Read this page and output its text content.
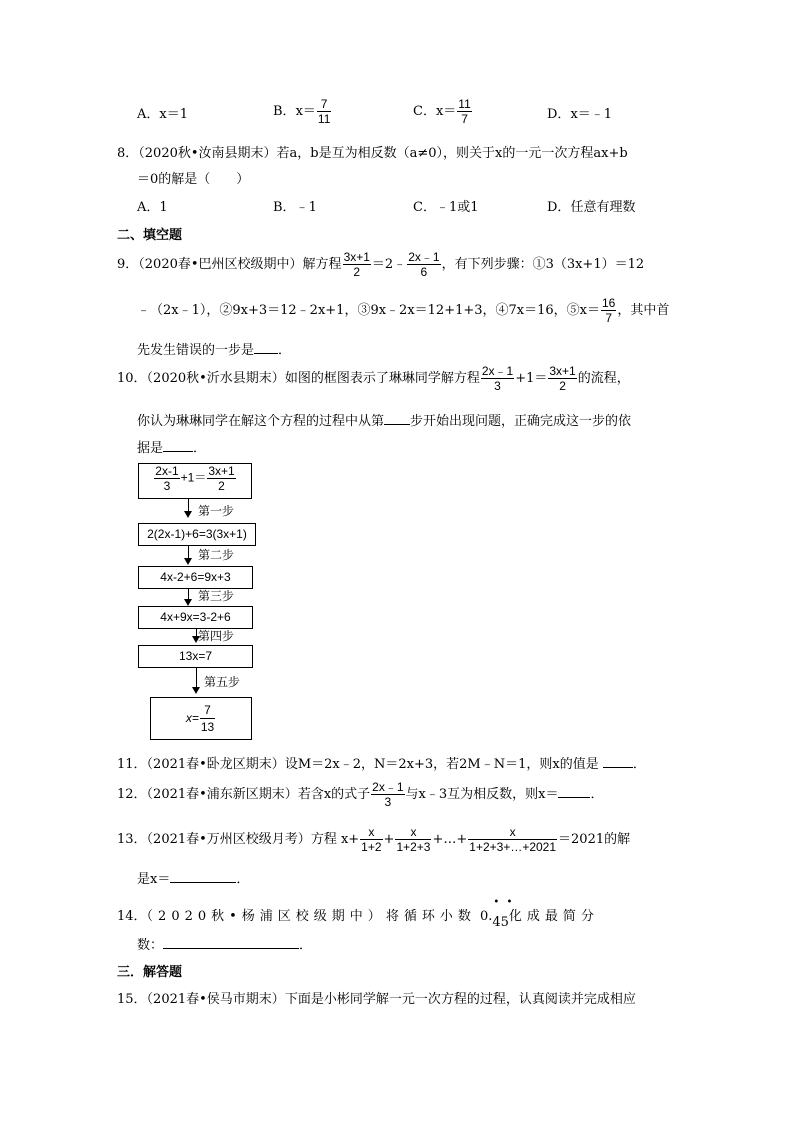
A．x＝1	B．$x= \frac{7}{11}$	C．$x= \frac{11}{7}$	D．x＝﹣1
8．（2020秋•汝南县期末）若a，b是互为相反数（a≠0），则关于x的一元一次方程ax+b
＝0的解是（　　）
A．1	B．﹣1	C．﹣1或1	D．任意有理数
二、填空题
9．（2020春•巴州区校级期中）解方程 $\frac{3x+1}{2}$ ＝2﹣ $\frac{2x﹣1}{6}$ ，有下列步骤：①3（3x+1）＝12
﹣（2x﹣1），②9x+3＝12﹣2x+1，③9x﹣2x＝12+1+3，④7x＝16，⑤x＝ $\frac{16}{7}$ ，其中首
先发生错误的一步是 ．
10．（2020秋•沂水县期末）如图的框图表示了琳琳同学解方程 $\frac{2x﹣1}{3} +1= \frac{3x+1}{2}$ 的流程，
你认为琳琳同学在解这个方程的过程中从第 步开始出现问题，正确完成这一步的依
据是 ．
$\frac{2x-1}{3} +1= \frac{3x+1}{2}$
第一步
2(2x-1)+6=3(3x+1)
第二步
4x-2+6=9x+3
第三步
4x+9x=3-2+6
第四步
13x=7
第五步
$x= \frac{7}{13}$
11．（2021春•卧龙区期末）设M＝2x﹣2，N＝2x+3，若2M﹣N＝1，则x的值是	．
12．（2021春•浦东新区期末）若含x的式子 $\frac{2x﹣1}{3}$ 与x﹣3互为相反数，则x＝ ．
13．（2021春•万州区校级月考）方程 $x+ \frac{x}{1+2} + \frac{x}{1+2+3}$ +…+ $\frac{x}{1+2+3+\dots+2021} =2021$的解
是x＝	．
14．（2020秋•杨浦区校级期中）将循环小数 0.
• •
45化成最简分
数：	．
三．解答题
15．（2021春•侯马市期末）下面是小彬同学解一元一次方程的过程，认真阅读并完成相应
